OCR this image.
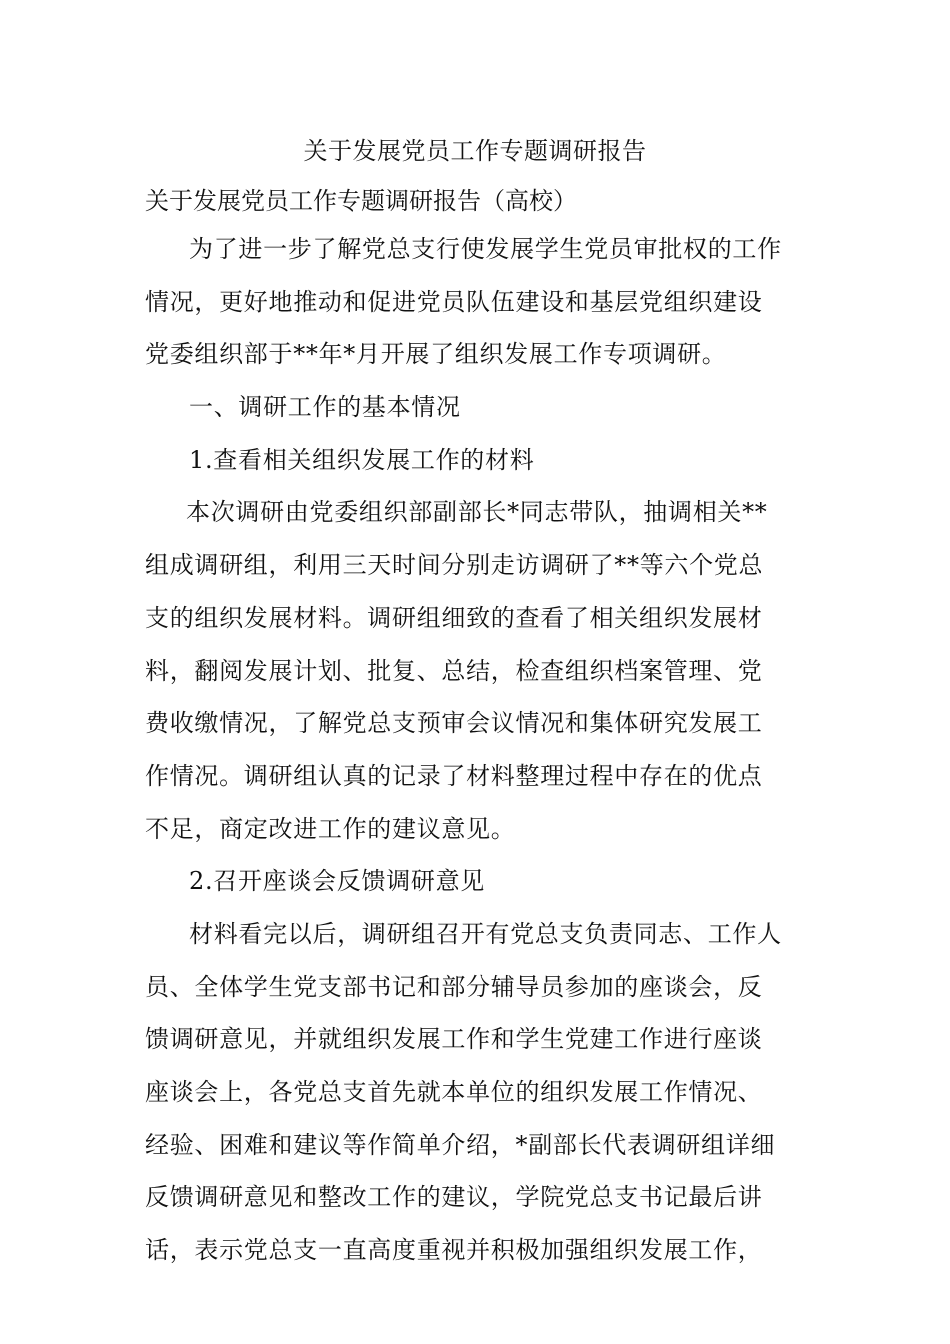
关于发展党员工作专题调研报告

关于发展党员工作专题调研报告（高校）

为了进一步了解党总支行使发展学生党员审批权的工作
情况，更好地推动和促进党员队伍建设和基层党组织建设
党委组织部于**年*月开展了组织发展工作专项调研。
一、调研工作的基本情况
1.查看相关组织发展工作的材料
本次调研由党委组织部副部长*同志带队，抽调相关**
组成调研组，利用三天时间分别走访调研了**等六个党总
支的组织发展材料。调研组细致的查看了相关组织发展材
料，翻阅发展计划、批复、总结，检查组织档案管理、党
费收缴情况，了解党总支预审会议情况和集体研究发展工
作情况。调研组认真的记录了材料整理过程中存在的优点
不足，商定改进工作的建议意见。
2.召开座谈会反馈调研意见
材料看完以后，调研组召开有党总支负责同志、工作人
员、全体学生党支部书记和部分辅导员参加的座谈会，反
馈调研意见，并就组织发展工作和学生党建工作进行座谈
座谈会上，各党总支首先就本单位的组织发展工作情况、
经验、困难和建议等作简单介绍，*副部长代表调研组详细
反馈调研意见和整改工作的建议，学院党总支书记最后讲
话，表示党总支一直高度重视并积极加强组织发展工作，
